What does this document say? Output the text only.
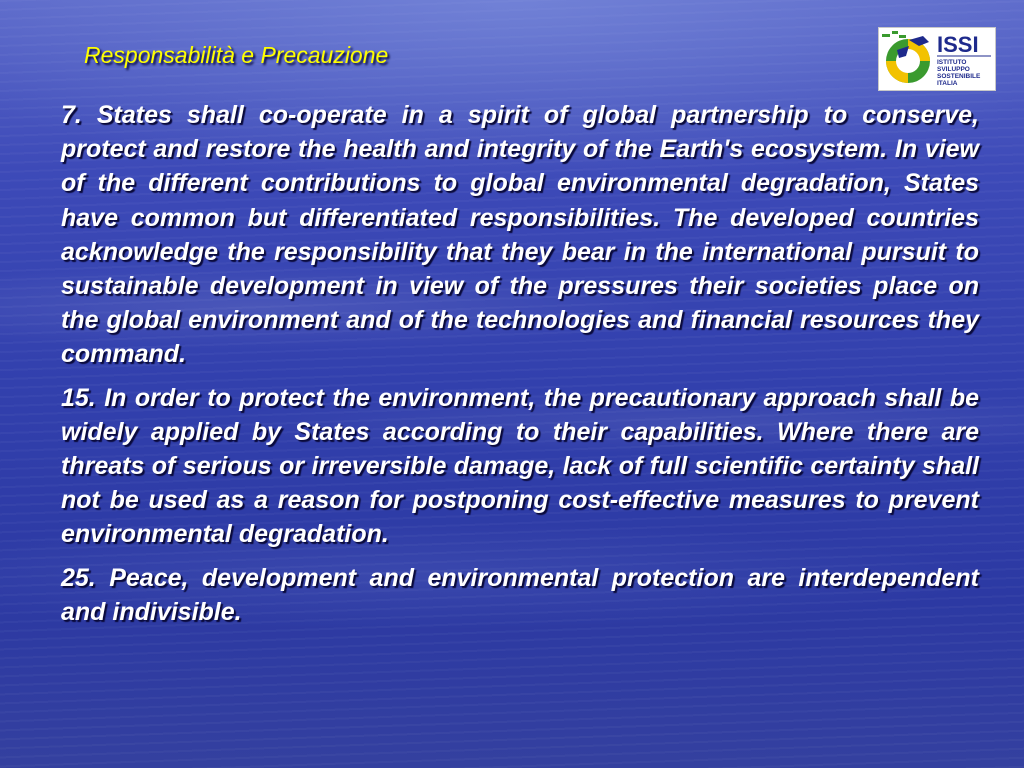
Responsabilità e Precauzione	ISSI
ISTITUTO
SVILUPPO
SOSTENIBILE
ITALIA

7. States shall co-operate in a spirit of global partnership to conserve, protect and restore the health and integrity of the Earth's ecosystem. In view of the different contributions to global environmental degradation, States have common but differentiated responsibilities. The developed countries acknowledge the responsibility that they bear in the international pursuit to sustainable development in view of the pressures their societies place on the global environment and of the technologies and financial resources they command.

15. In order to protect the environment, the precautionary approach shall be widely applied by States according to their capabilities. Where there are threats of serious or irreversible damage, lack of full scientific certainty shall not be used as a reason for postponing cost-effective measures to prevent environmental degradation.

25. Peace, development and environmental protection are interdependent and indivisible.
